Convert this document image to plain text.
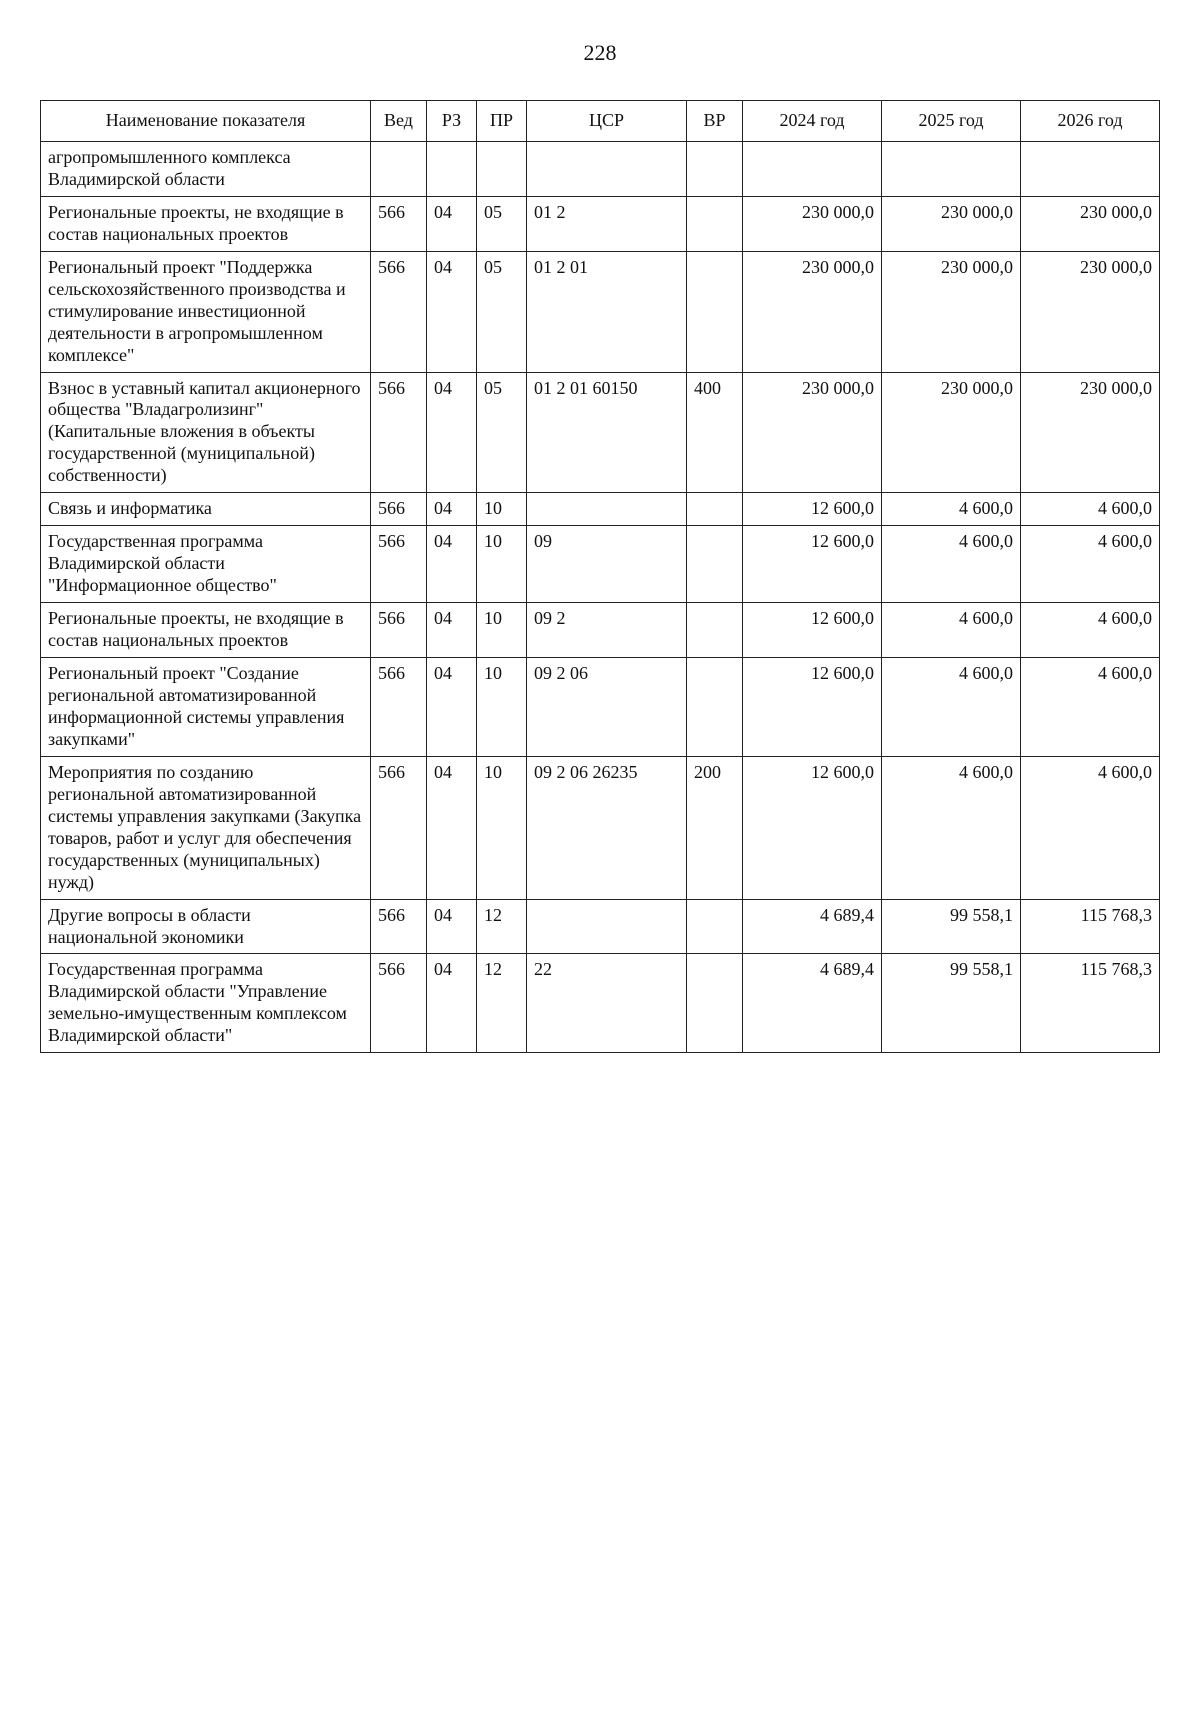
228
Наименование показателя	Вед	РЗ	ПР	ЦСР	ВР	2024 год	2025 год	2026 год
агропромышленного комплекса Владимирской области								
Региональные проекты, не входящие в состав национальных проектов	566	04	05	01 2		230 000,0	230 000,0	230 000,0
Региональный проект "Поддержка сельскохозяйственного производства и стимулирование инвестиционной деятельности в агропромышленном комплексе"	566	04	05	01 2 01		230 000,0	230 000,0	230 000,0
Взнос в уставный капитал акционерного общества "Владагролизинг" (Капитальные вложения в объекты государственной (муниципальной) собственности)	566	04	05	01 2 01 60150	400	230 000,0	230 000,0	230 000,0
Связь и информатика	566	04	10			12 600,0	4 600,0	4 600,0
Государственная программа Владимирской области "Информационное общество"	566	04	10	09		12 600,0	4 600,0	4 600,0
Региональные проекты, не входящие в состав национальных проектов	566	04	10	09 2		12 600,0	4 600,0	4 600,0
Региональный проект "Создание региональной автоматизированной информационной системы управления закупками"	566	04	10	09 2 06		12 600,0	4 600,0	4 600,0
Мероприятия по созданию региональной автоматизированной системы управления закупками (Закупка товаров, работ и услуг для обеспечения государственных (муниципальных) нужд)	566	04	10	09 2 06 26235	200	12 600,0	4 600,0	4 600,0
Другие вопросы в области национальной экономики	566	04	12			4 689,4	99 558,1	115 768,3
Государственная программа Владимирской области "Управление земельно-имущественным комплексом Владимирской области"	566	04	12	22		4 689,4	99 558,1	115 768,3
